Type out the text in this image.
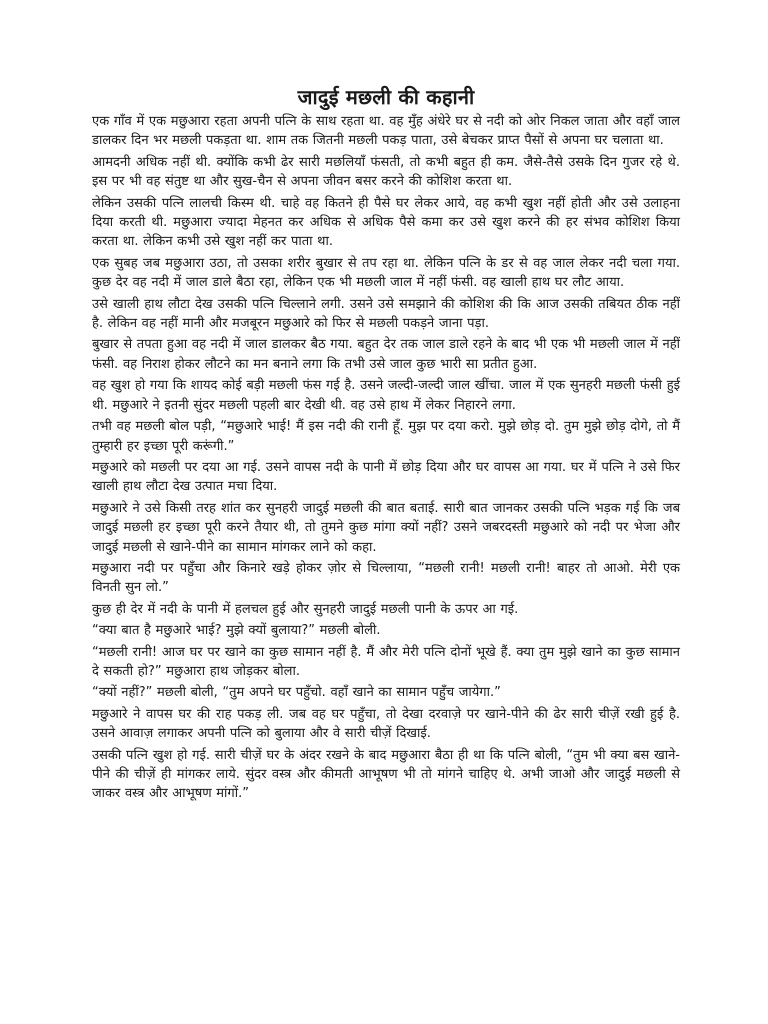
जादुई मछली की कहानी

एक गाँव में एक मछुआरा रहता अपनी पत्नि के साथ रहता था. वह मुँह अंधेरे घर से नदी को ओर निकल जाता और वहाँ जाल डालकर दिन भर मछली पकड़ता था. शाम तक जितनी मछली पकड़ पाता, उसे बेचकर प्राप्त पैसों से अपना घर चलाता था.

आमदनी अधिक नहीं थी. क्योंकि कभी ढेर सारी मछलियाँ फंसती, तो कभी बहुत ही कम. जैसे-तैसे उसके दिन गुजर रहे थे. इस पर भी वह संतुष्ट था और सुख-चैन से अपना जीवन बसर करने की कोशिश करता था.

लेकिन उसकी पत्नि लालची किस्म थी. चाहे वह कितने ही पैसे घर लेकर आये, वह कभी खुश नहीं होती और उसे उलाहना दिया करती थी. मछुआरा ज्यादा मेहनत कर अधिक से अधिक पैसे कमा कर उसे खुश करने की हर संभव कोशिश किया करता था. लेकिन कभी उसे खुश नहीं कर पाता था.

एक सुबह जब मछुआरा उठा, तो उसका शरीर बुखार से तप रहा था. लेकिन पत्नि के डर से वह जाल लेकर नदी चला गया. कुछ देर वह नदी में जाल डाले बैठा रहा, लेकिन एक भी मछली जाल में नहीं फंसी. वह खाली हाथ घर लौट आया.

उसे खाली हाथ लौटा देख उसकी पत्नि चिल्लाने लगी. उसने उसे समझाने की कोशिश की कि आज उसकी तबियत ठीक नहीं है. लेकिन वह नहीं मानी और मजबूरन मछुआरे को फिर से मछली पकड़ने जाना पड़ा.

बुखार से तपता हुआ वह नदी में जाल डालकर बैठ गया. बहुत देर तक जाल डाले रहने के बाद भी एक भी मछली जाल में नहीं फंसी. वह निराश होकर लौटने का मन बनाने लगा कि तभी उसे जाल कुछ भारी सा प्रतीत हुआ.

वह खुश हो गया कि शायद कोई बड़ी मछली फंस गई है. उसने जल्दी-जल्दी जाल खींचा. जाल में एक सुनहरी मछली फंसी हुई थी. मछुआरे ने इतनी सुंदर मछली पहली बार देखी थी. वह उसे हाथ में लेकर निहारने लगा.

तभी वह मछली बोल पड़ी, “मछुआरे भाई! मैं इस नदी की रानी हूँ. मुझ पर दया करो. मुझे छोड़ दो. तुम मुझे छोड़ दोगे, तो मैं तुम्हारी हर इच्छा पूरी करूंगी.”

मछुआरे को मछली पर दया आ गई. उसने वापस नदी के पानी में छोड़ दिया और घर वापस आ गया. घर में पत्नि ने उसे फिर खाली हाथ लौटा देख उत्पात मचा दिया.

मछुआरे ने उसे किसी तरह शांत कर सुनहरी जादुई मछली की बात बताई. सारी बात जानकर उसकी पत्नि भड़क गई कि जब जादुई मछली हर इच्छा पूरी करने तैयार थी, तो तुमने कुछ मांगा क्यों नहीं? उसने जबरदस्ती मछुआरे को नदी पर भेजा और जादुई मछली से खाने-पीने का सामान मांगकर लाने को कहा.

मछुआरा नदी पर पहुँचा और किनारे खड़े होकर ज़ोर से चिल्लाया, “मछली रानी! मछली रानी! बाहर तो आओ. मेरी एक विनती सुन लो.”

कुछ ही देर में नदी के पानी में हलचल हुई और सुनहरी जादुई मछली पानी के ऊपर आ गई.

“क्या बात है मछुआरे भाई? मुझे क्यों बुलाया?” मछली बोली.

“मछली रानी! आज घर पर खाने का कुछ सामान नहीं है. मैं और मेरी पत्नि दोनों भूखे हैं. क्या तुम मुझे खाने का कुछ सामान दे सकती हो?” मछुआरा हाथ जोड़कर बोला.

“क्यों नहीं?” मछली बोली, “तुम अपने घर पहुँचो. वहाँ खाने का सामान पहुँच जायेगा.”

मछुआरे ने वापस घर की राह पकड़ ली. जब वह घर पहुँचा, तो देखा दरवाज़े पर खाने-पीने की ढेर सारी चीज़ें रखी हुई है. उसने आवाज़ लगाकर अपनी पत्नि को बुलाया और वे सारी चीज़ें दिखाई.

उसकी पत्नि खुश हो गई. सारी चीज़ें घर के अंदर रखने के बाद मछुआरा बैठा ही था कि पत्नि बोली, “तुम भी क्या बस खाने-पीने की चीज़ें ही मांगकर लाये. सुंदर वस्त्र और कीमती आभूषण भी तो मांगने चाहिए थे. अभी जाओ और जादुई मछली से जाकर वस्त्र और आभूषण मांगों.”
